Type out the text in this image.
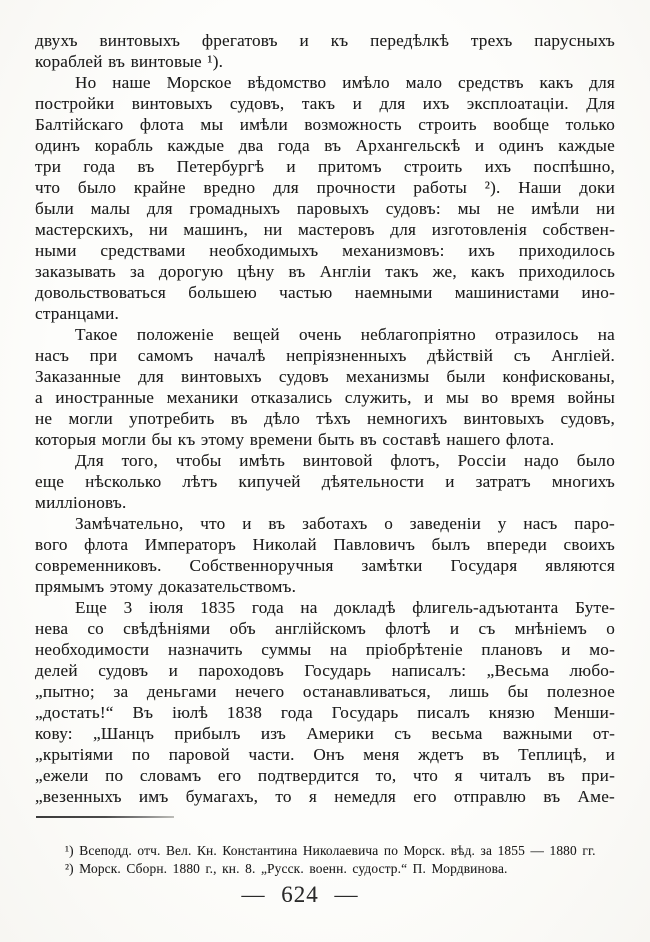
двухъ винтовыхъ фрегатовъ и къ передѣлкѣ трехъ парусныхъ
кораблей въ винтовые ¹).
Но наше Морское вѣдомство имѣло мало средствъ какъ для
постройки винтовыхъ судовъ, такъ и для ихъ эксплоатаціи. Для
Балтійскаго флота мы имѣли возможность строить вообще только
одинъ корабль каждые два года въ Архангельскѣ и одинъ каждые
три года въ Петербургѣ и притомъ строить ихъ поспѣшно,
что было крайне вредно для прочности работы ²). Наши доки
были малы для громадныхъ паровыхъ судовъ: мы не имѣли ни
мастерскихъ, ни машинъ, ни мастеровъ для изготовленія собствен-
ными средствами необходимыхъ механизмовъ: ихъ приходилось
заказывать за дорогую цѣну въ Англіи такъ же, какъ приходилось
довольствоваться большею частью наемными машинистами ино-
странцами.
Такое положеніе вещей очень неблагопріятно отразилось на
насъ при самомъ началѣ непріязненныхъ дѣйствій съ Англіей.
Заказанные для винтовыхъ судовъ механизмы были конфискованы,
а иностранные механики отказались служить, и мы во время войны
не могли употребить въ дѣло тѣхъ немногихъ винтовыхъ судовъ,
которыя могли бы къ этому времени быть въ составѣ нашего флота.
Для того, чтобы имѣть винтовой флотъ, Россіи надо было
еще нѣсколько лѣтъ кипучей дѣятельности и затратъ многихъ
милліоновъ.
Замѣчательно, что и въ заботахъ о заведеніи у насъ паро-
вого флота Императоръ Николай Павловичъ былъ впереди своихъ
современниковъ. Собственноручныя замѣтки Государя являются
прямымъ этому доказательствомъ.
Еще 3 іюля 1835 года на докладѣ флигель-адъютанта Буте-
нева со свѣдѣніями объ англійскомъ флотѣ и съ мнѣніемъ о
необходимости назначить суммы на пріобрѣтеніе плановъ и мо-
делей судовъ и пароходовъ Государь написалъ: „Весьма любо-
„пытно; за деньгами нечего останавливаться, лишь бы полезное
„достать!“ Въ іюлѣ 1838 года Государь писалъ князю Менши-
кову: „Шанцъ прибылъ изъ Америки съ весьма важными от-
„крытіями по паровой части. Онъ меня ждетъ въ Теплицѣ, и
„ежели по словамъ его подтвердится то, что я читалъ въ при-
„везенныхъ имъ бумагахъ, то я немедля его отправлю въ Аме-
¹) Всеподд. отч. Вел. Кн. Константина Николаевича по Морск. вѣд. за 1855 — 1880 гг.
²) Морск. Сборн. 1880 г., кн. 8. „Русск. военн. судостр.“ П. Мордвинова.
— 624 —
